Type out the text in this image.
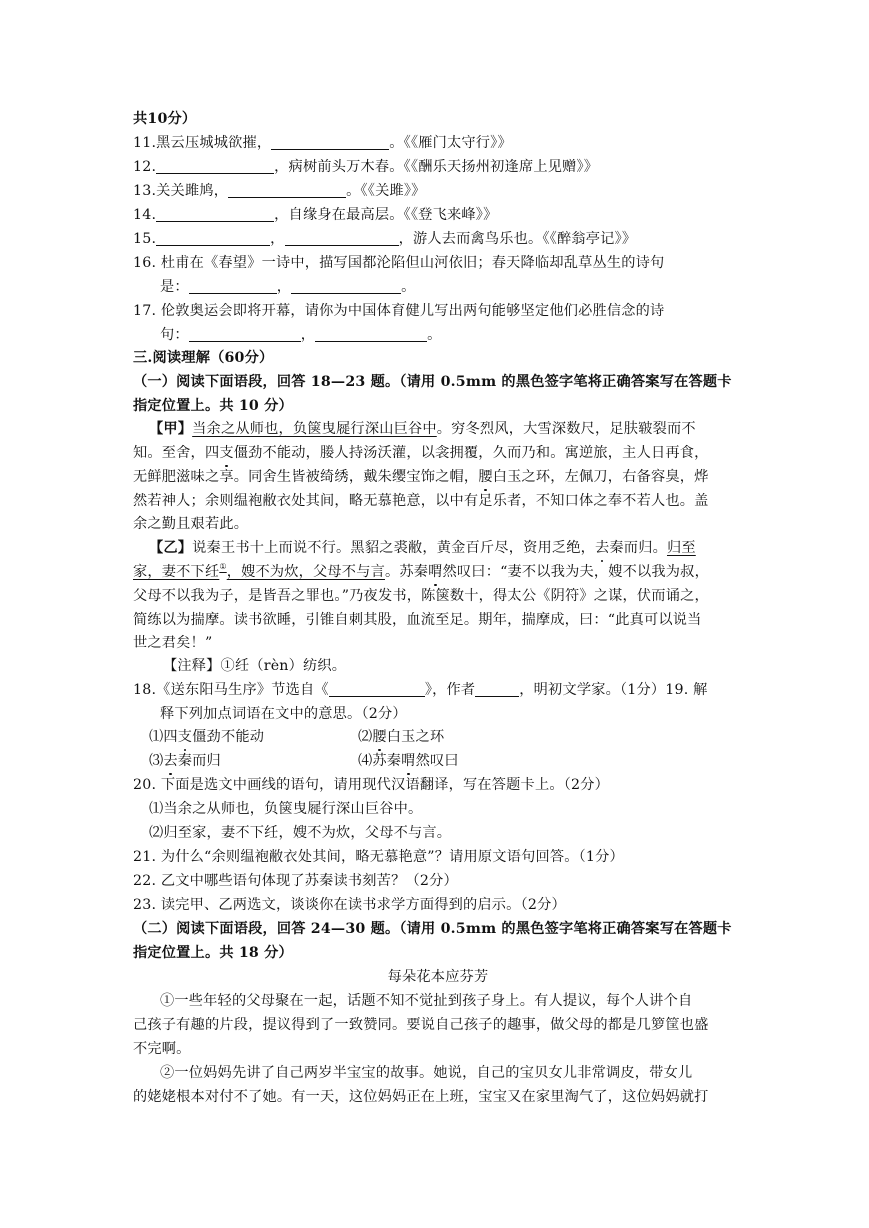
共10分）
11.黑云压城城欲摧，	。《《雁门太守行》》
12.	，病树前头万木春。《《酬乐天扬州初逢席上见赠》》
13.关关雎鸠，	。《《关雎》》
14.	，自缘身在最高层。《《登飞来峰》》
15.	，	，游人去而禽鸟乐也。《《醉翁亭记》》
16. 杜甫在《春望》一诗中，描写国都沦陷但山河依旧；春天降临却乱草丛生的诗句
是：	，	。
17. 伦敦奥运会即将开幕，请你为中国体育健儿写出两句能够坚定他们必胜信念的诗
句：	，	。
三.阅读理解（60分）
（一）阅读下面语段，回答 18—23 题。（请用 0.5mm 的黑色签字笔将正确答案写在答题卡
指定位置上。共 10 分）
【甲】当余之从师也，负箧曳屣行深山巨谷中。穷冬烈风，大雪深数尺，足肤皲裂而不
知。至舍，四支僵劲不能动，媵人持汤沃灌，以衾拥覆，久而乃和。寓逆旅，主人日再食，
无鲜肥滋味之享。同舍生皆被绮绣，戴朱缨宝饰之帽，腰白玉之环，左佩刀，右备容臭，烨
然若神人；余则缊袍敝衣处其间，略无慕艳意，以中有足乐者，不知口体之奉不若人也。盖
余之勤且艰若此。
【乙】说秦王书十上而说不行。黑貂之裘敝，黄金百斤尽，资用乏绝，去秦而归。归至
家，妻不下纴①，嫂不为炊，父母不与言。苏秦喟然叹曰：“妻不以我为夫，嫂不以我为叔，
父母不以我为子，是皆吾之罪也。”乃夜发书，陈箧数十，得太公《阴符》之谋，伏而诵之，
简练以为揣摩。读书欲睡，引锥自刺其股，血流至足。期年，揣摩成，曰：“此真可以说当
世之君矣！”
【注释】①纴（rèn）纺织。
18.《送东阳马生序》节选自《	》，作者	，明初文学家。（1分）19. 解
释下列加点词语在文中的意思。（2分）
⑴四支僵劲不能动	⑵腰白玉之环
⑶去秦而归	⑷苏秦喟然叹曰
20. 下面是选文中画线的语句，请用现代汉语翻译，写在答题卡上。（2分）
⑴当余之从师也，负箧曳屣行深山巨谷中。
⑵归至家，妻不下纴，嫂不为炊，父母不与言。
21. 为什么“余则缊袍敝衣处其间，略无慕艳意”？请用原文语句回答。（1分）
22. 乙文中哪些语句体现了苏秦读书刻苦？（2分）
23. 读完甲、乙两选文，谈谈你在读书求学方面得到的启示。（2分）
（二）阅读下面语段，回答 24—30 题。（请用 0.5mm 的黑色签字笔将正确答案写在答题卡
指定位置上。共 18 分）
每朵花本应芬芳
①一些年轻的父母聚在一起，话题不知不觉扯到孩子身上。有人提议，每个人讲个自
己孩子有趣的片段，提议得到了一致赞同。要说自己孩子的趣事，做父母的都是几箩筐也盛
不完啊。
②一位妈妈先讲了自己两岁半宝宝的故事。她说，自己的宝贝女儿非常调皮，带女儿
的姥姥根本对付不了她。有一天，这位妈妈正在上班，宝宝又在家里淘气了，这位妈妈就打
